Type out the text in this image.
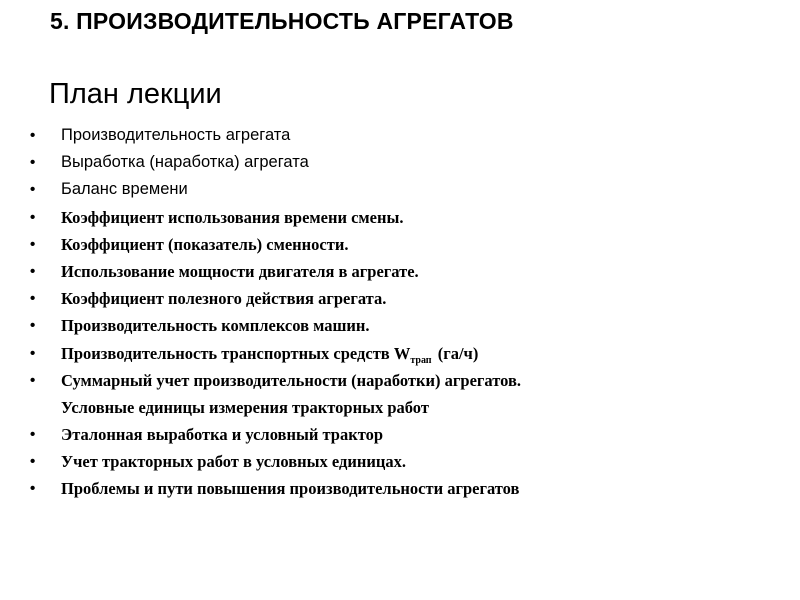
5. ПРОИЗВОДИТЕЛЬНОСТЬ АГРЕГАТОВ
План лекции
• Производительность агрегата
• Выработка (наработка) агрегата
• Баланс времени
• Коэффициент использования времени смены.
• Коэффициент (показатель) сменности.
• Использование мощности двигателя в агрегате.
• Коэффициент полезного действия агрегата.
• Производительность комплексов машин.
• Производительность транспортных средств $W_{трап}$ (га/ч)
• Суммарный учет производительности (наработки) агрегатов.
Условные единицы измерения тракторных работ
• Эталонная выработка и условный трактор
• Учет тракторных работ в условных единицах.
• Проблемы и пути повышения производительности агрегатов
